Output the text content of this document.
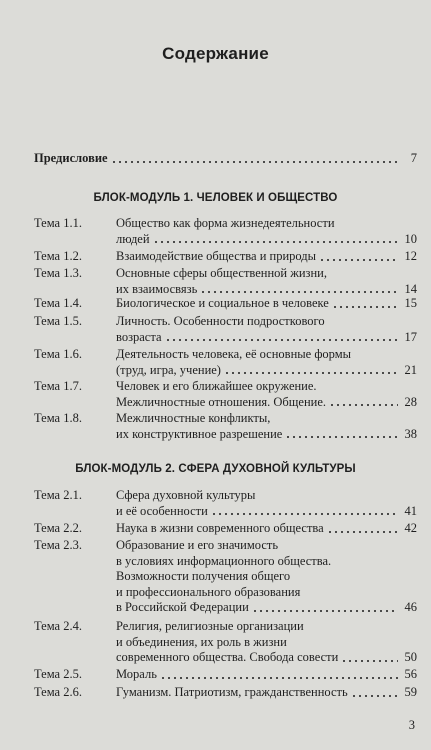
Содержание
Предисловие	7
БЛОК-МОДУЛЬ 1. ЧЕЛОВЕК И ОБЩЕСТВО
Тема 1.1.	Общество как форма жизнедеятельности
людей	10
Тема 1.2.	Взаимодействие общества и природы	12
Тема 1.3.	Основные сферы общественной жизни,
их взаимосвязь	14
Тема 1.4.	Биологическое и социальное в человеке	15
Тема 1.5.	Личность. Особенности подросткового
возраста	17
Тема 1.6.	Деятельность человека, её основные формы
(труд, игра, учение)	21
Тема 1.7.	Человек и его ближайшее окружение.
Межличностные отношения. Общение.	28
Тема 1.8.	Межличностные конфликты,
их конструктивное разрешение	38
БЛОК-МОДУЛЬ 2. СФЕРА ДУХОВНОЙ КУЛЬТУРЫ
Тема 2.1.	Сфера духовной культуры
и её особенности	41
Тема 2.2.	Наука в жизни современного общества	42
Тема 2.3.	Образование и его значимость
в условиях информационного общества.
Возможности получения общего
и профессионального образования
в Российской Федерации	46
Тема 2.4.	Религия, религиозные организации
и объединения, их роль в жизни
современного общества. Свобода совести	50
Тема 2.5.	Мораль	56
Тема 2.6.	Гуманизм. Патриотизм, гражданственность	59
3
